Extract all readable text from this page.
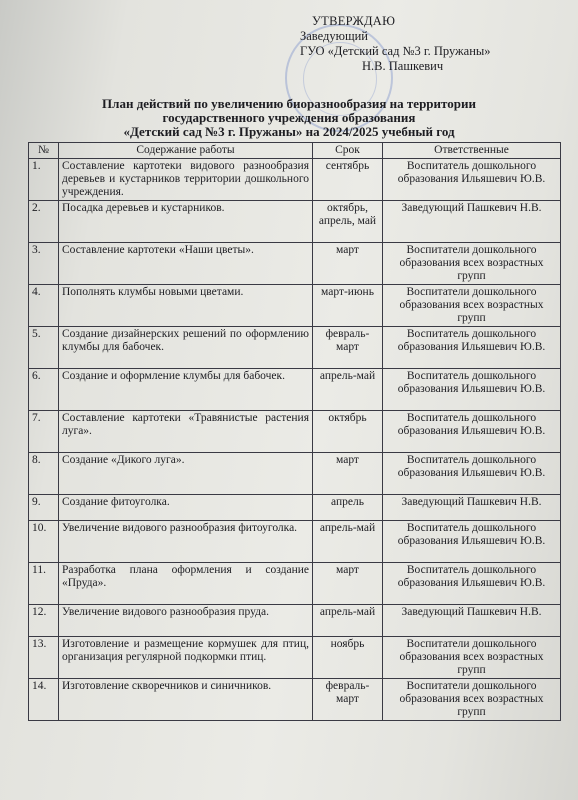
УТВЕРЖДАЮ
Заведующий
ГУО «Детский сад №3 г. Пружаны»
Н.В. Пашкевич
План действий по увеличению биоразнообразия на территории
государственного учреждения образования
«Детский сад №3 г. Пружаны» на 2024/2025 учебный год
№	Содержание работы	Срок	Ответственные
1.	Составление картотеки видового разнообразия деревьев и кустарников территории дошкольного учреждения.	сентябрь	Воспитатель дошкольного образования Ильяшевич Ю.В.
2.	Посадка деревьев и кустарников.	октябрь, апрель, май	Заведующий Пашкевич Н.В.
3.	Составление картотеки «Наши цветы».	март	Воспитатели дошкольного образования всех возрастных групп
4.	Пополнять клумбы новыми цветами.	март-июнь	Воспитатели дошкольного образования всех возрастных групп
5.	Создание дизайнерских решений по оформлению клумбы для бабочек.	февраль-март	Воспитатель дошкольного образования Ильяшевич Ю.В.
6.	Создание и оформление клумбы для бабочек.	апрель-май	Воспитатель дошкольного образования Ильяшевич Ю.В.
7.	Составление картотеки «Травянистые растения луга».	октябрь	Воспитатель дошкольного образования Ильяшевич Ю.В.
8.	Создание «Дикого луга».	март	Воспитатель дошкольного образования Ильяшевич Ю.В.
9.	Создание фитоуголка.	апрель	Заведующий Пашкевич Н.В.
10.	Увеличение видового разнообразия фитоуголка.	апрель-май	Воспитатель дошкольного образования Ильяшевич Ю.В.
11.	Разработка плана оформления и создание «Пруда».	март	Воспитатель дошкольного образования Ильяшевич Ю.В.
12.	Увеличение видового разнообразия пруда.	апрель-май	Заведующий Пашкевич Н.В.
13.	Изготовление и размещение кормушек для птиц, организация регулярной подкормки птиц.	ноябрь	Воспитатели дошкольного образования всех возрастных групп
14.	Изготовление скворечников и синичников.	февраль-март	Воспитатели дошкольного образования всех возрастных групп
